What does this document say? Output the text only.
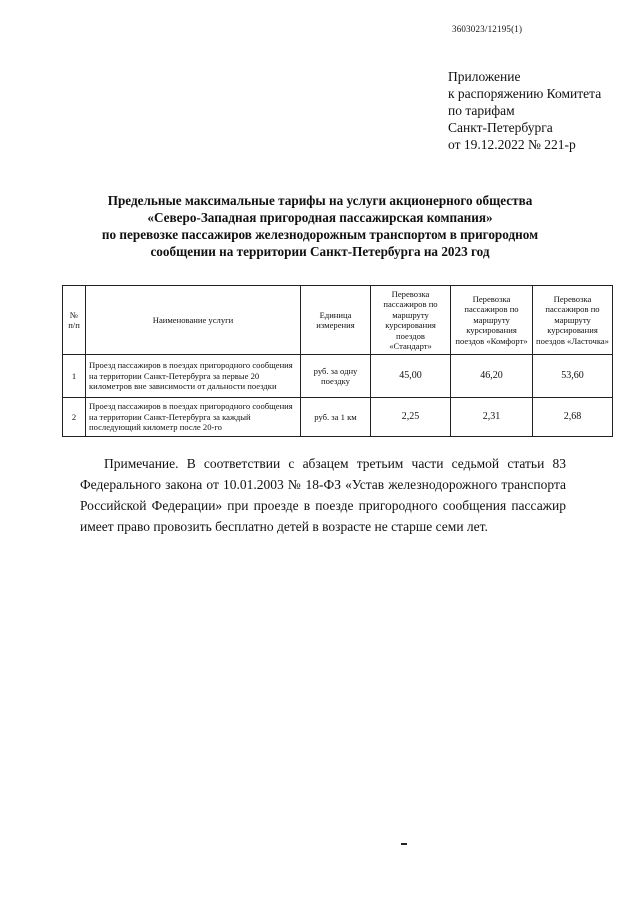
3603023/12195(1)
Приложение
к распоряжению Комитета
по тарифам
Санкт-Петербурга
от 19.12.2022 № 221-р
Предельные максимальные тарифы на услуги акционерного общества
«Северо-Западная пригородная пассажирская компания»
по перевозке пассажиров железнодорожным транспортом в пригородном
сообщении на территории Санкт-Петербурга на 2023 год
№ п/п	Наименование услуги	Единица измерения	Перевозка пассажиров по маршруту курсирования поездов «Стандарт»	Перевозка пассажиров по маршруту курсирования поездов «Комфорт»	Перевозка пассажиров по маршруту курсирования поездов «Ласточка»
1	Проезд пассажиров в поездах пригородного сообщения на территории Санкт-Петербурга за первые 20 километров вне зависимости от дальности поездки	руб. за одну поездку	45,00	46,20	53,60
2	Проезд пассажиров в поездах пригородного сообщения на территории Санкт-Петербурга за каждый последующий километр после 20-го	руб. за 1 км	2,25	2,31	2,68
Примечание. В соответствии с абзацем третьим части седьмой статьи 83 Федерального закона от 10.01.2003 № 18-ФЗ «Устав железнодорожного транспорта Российской Федерации» при проезде в поезде пригородного сообщения пассажир имеет право провозить бесплатно детей в возрасте не старше семи лет.
